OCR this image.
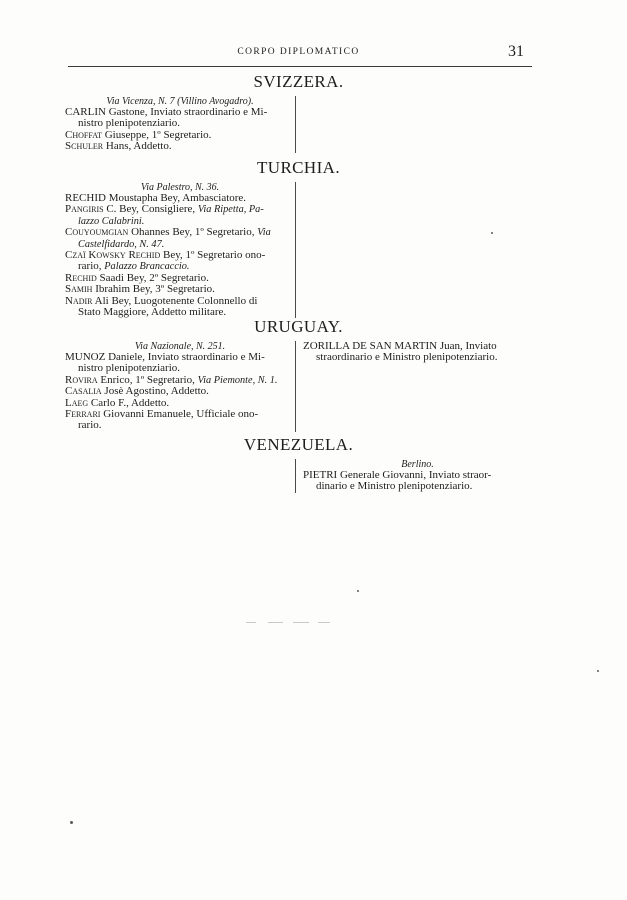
CORPO DIPLOMATICO	31
SVIZZERA.
Via Vicenza, N. 7 (Villino Avogadro).
CARLIN Gastone, Inviato straordinario e Mi-
nistro plenipotenziario.
Choffat Giuseppe, 1º Segretario.
Schuler Hans, Addetto.
TURCHIA.
Via Palestro, N. 36.
RECHID Moustapha Bey, Ambasciatore.
Pangiris C. Bey, Consigliere, Via Ripetta, Pa-
lazzo Calabrini.
Couyoumgian Ohannes Bey, 1º Segretario, Via
Castelfidardo, N. 47.
Czaï Kowsky Rechid Bey, 1º Segretario ono-
rario, Palazzo Brancaccio.
Rechid Saadi Bey, 2º Segretario.
Samih Ibrahim Bey, 3º Segretario.
Nadir Ali Bey, Luogotenente Colonnello di
Stato Maggiore, Addetto militare.
URUGUAY.
Via Nazionale, N. 251.
MUNOZ Daniele, Inviato straordinario e Mi-
nistro plenipotenziario.
Rovira Enrico, 1º Segretario, Via Piemonte, N. 1.
Casalia Josè Agostino, Addetto.
Laeg Carlo F., Addetto.
Ferrari Giovanni Emanuele, Ufficiale ono-
rario.
ZORILLA DE SAN MARTIN Juan, Inviato
straordinario e Ministro plenipotenziario.
VENEZUELA.
Berlino.
PIETRI Generale Giovanni, Inviato straor-
dinario e Ministro plenipotenziario.
